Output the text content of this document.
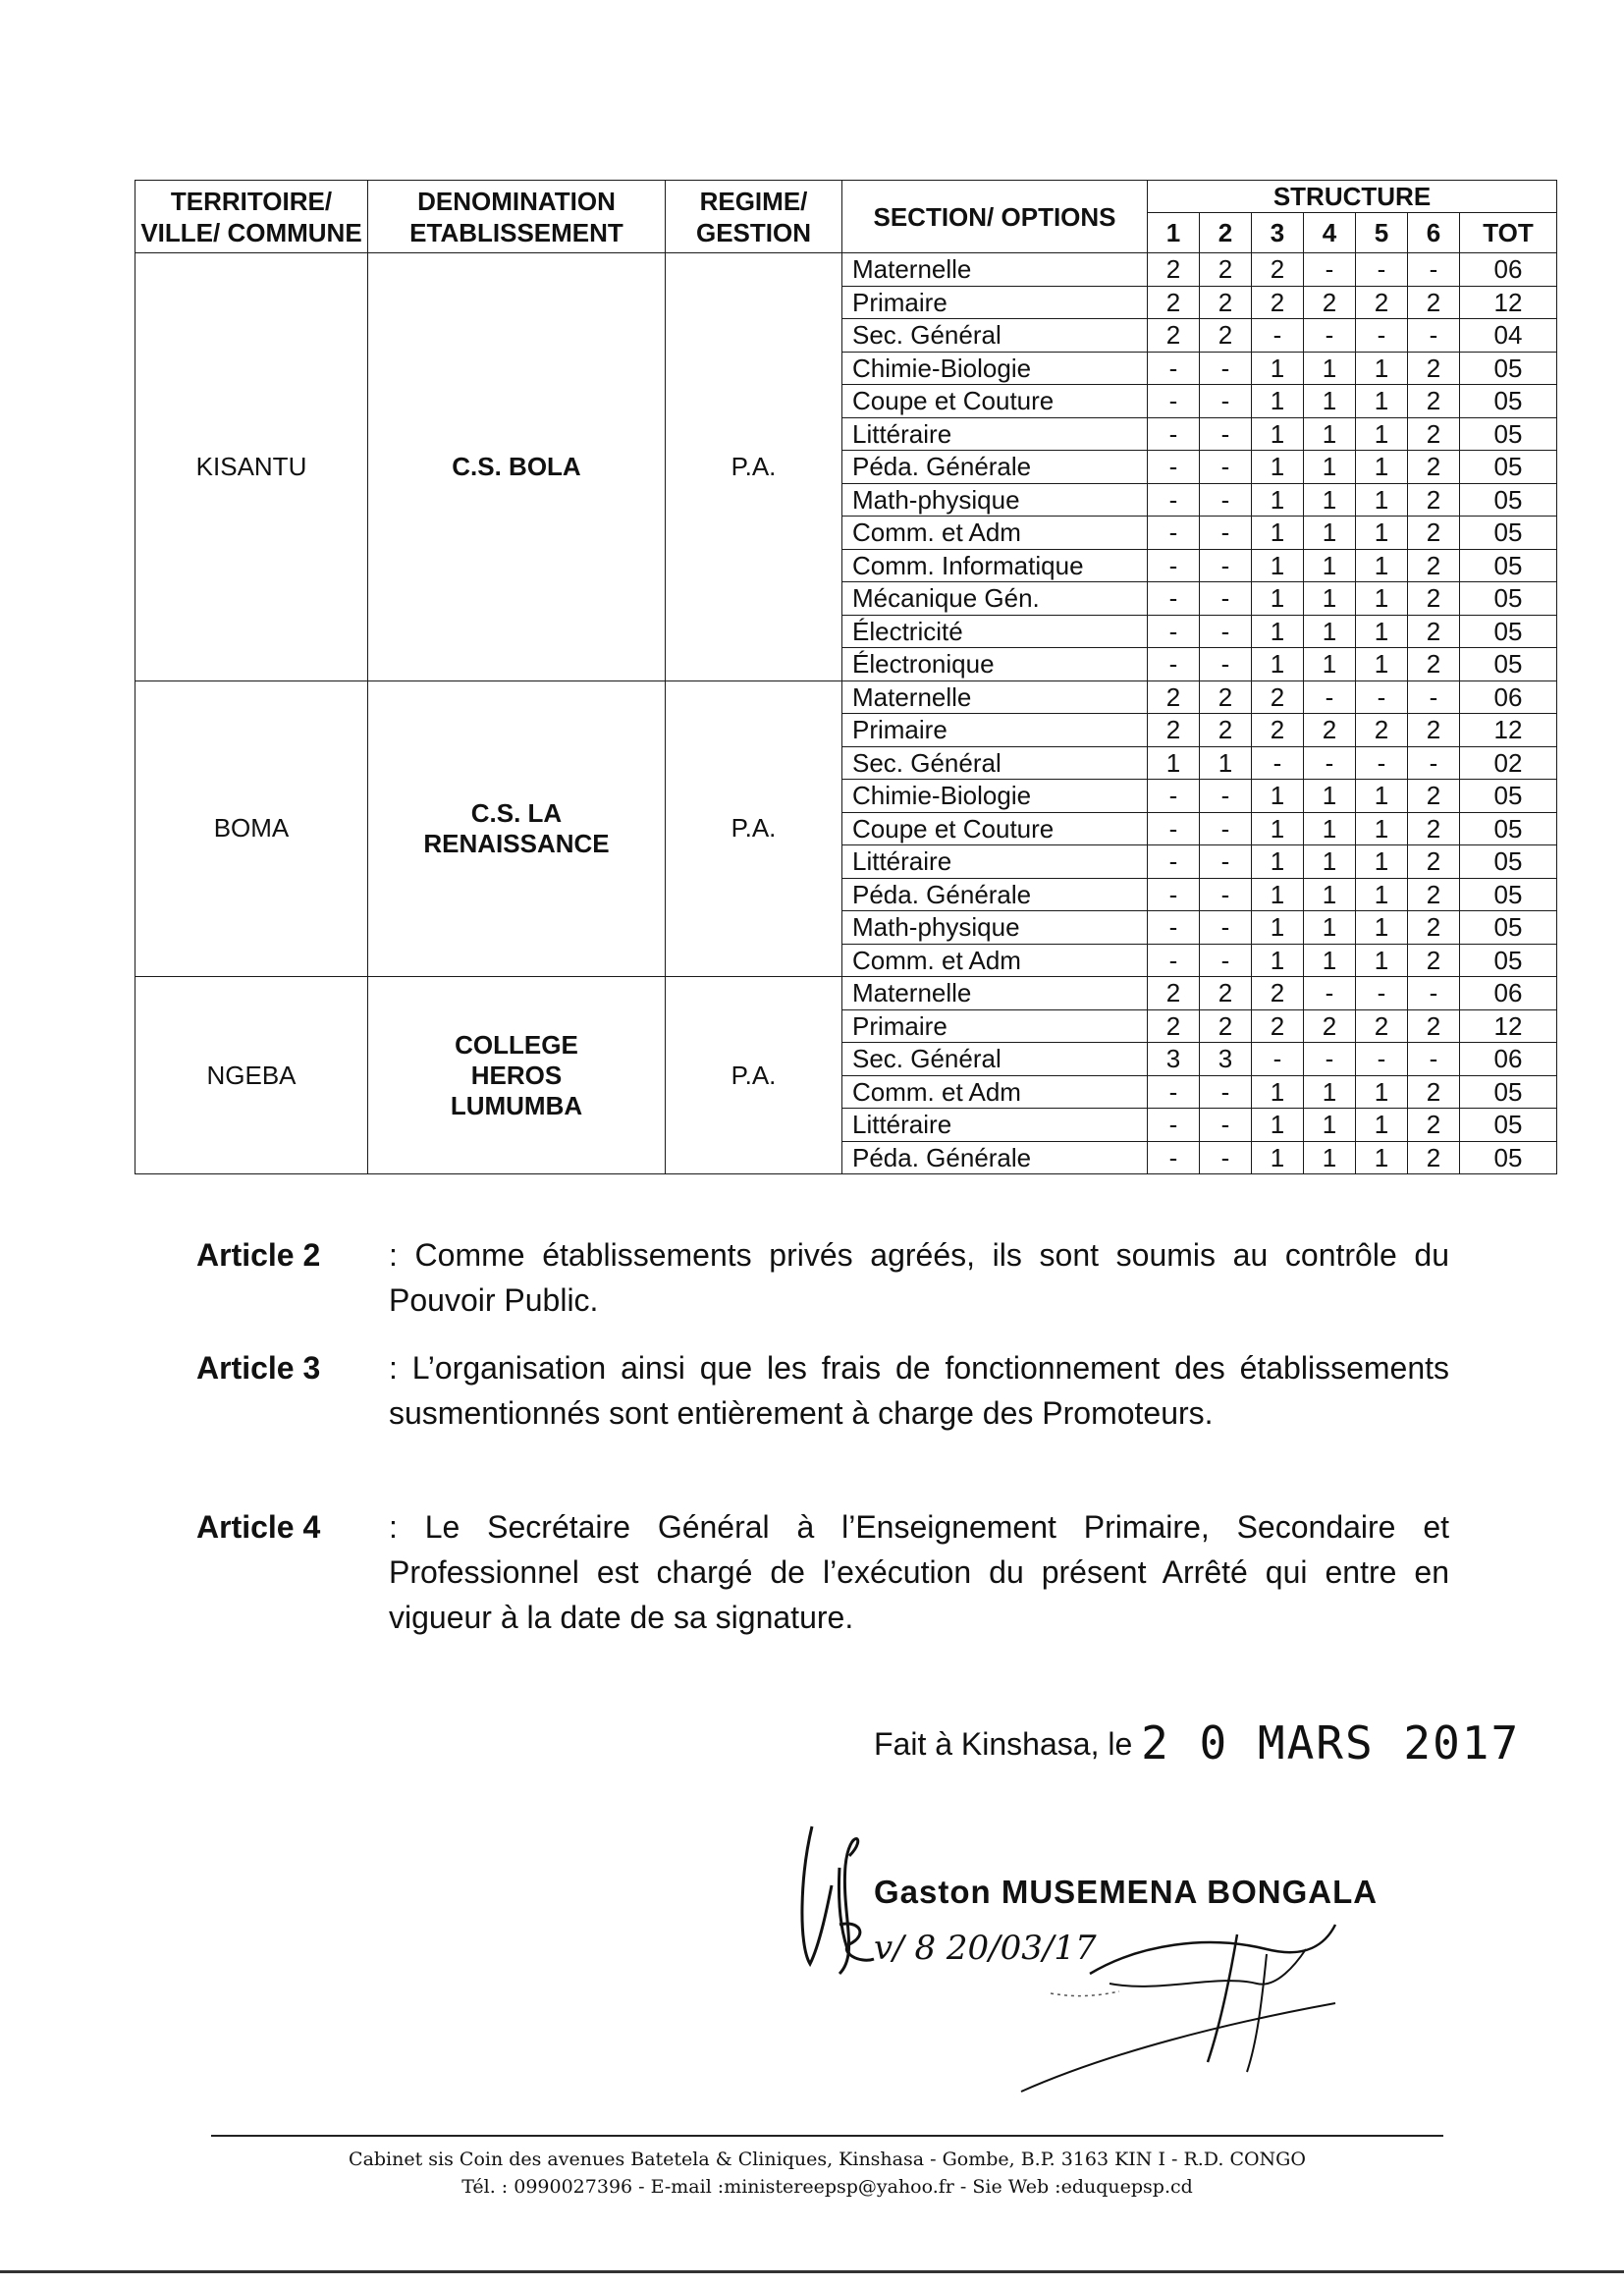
TERRITOIRE/ VILLE/ COMMUNE	DENOMINATION ETABLISSEMENT	REGIME/ GESTION	SECTION/ OPTIONS	STRUCTURE						
				1	2	3	4	5	6	TOT
KISANTU	C.S. BOLA	P.A.	Maternelle	2	2	2	-	-	-	06
			Primaire	2	2	2	2	2	2	12
			Sec. Général	2	2	-	-	-	-	04
			Chimie-Biologie	-	-	1	1	1	2	05
			Coupe et Couture	-	-	1	1	1	2	05
			Littéraire	-	-	1	1	1	2	05
			Péda. Générale	-	-	1	1	1	2	05
			Math-physique	-	-	1	1	1	2	05
			Comm. et Adm	-	-	1	1	1	2	05
			Comm. Informatique	-	-	1	1	1	2	05
			Mécanique Gén.	-	-	1	1	1	2	05
			Électricité	-	-	1	1	1	2	05
			Électronique	-	-	1	1	1	2	05
BOMA	C.S. LA RENAISSANCE	P.A.	Maternelle	2	2	2	-	-	-	06
			Primaire	2	2	2	2	2	2	12
			Sec. Général	1	1	-	-	-	-	02
			Chimie-Biologie	-	-	1	1	1	2	05
			Coupe et Couture	-	-	1	1	1	2	05
			Littéraire	-	-	1	1	1	2	05
			Péda. Générale	-	-	1	1	1	2	05
			Math-physique	-	-	1	1	1	2	05
			Comm. et Adm	-	-	1	1	1	2	05
NGEBA	COLLEGE HEROS LUMUMBA	P.A.	Maternelle	2	2	2	-	-	-	06
			Primaire	2	2	2	2	2	2	12
			Sec. Général	3	3	-	-	-	-	06
			Comm. et Adm	-	-	1	1	1	2	05
			Littéraire	-	-	1	1	1	2	05
			Péda. Générale	-	-	1	1	1	2	05
Article 2 : Comme établissements privés agréés, ils sont soumis au contrôle du Pouvoir Public.
Article 3 : L’organisation ainsi que les frais de fonctionnement des établissements susmentionnés sont entièrement à charge des Promoteurs.
Article 4 : Le Secrétaire Général à l’Enseignement Primaire, Secondaire et Professionnel est chargé de l’exécution du présent Arrêté qui entre en vigueur à la date de sa signature.
Fait à Kinshasa, le 2 0 MARS 2017
v/ 8 20/03/17
Gaston MUSEMENA BONGALA
Cabinet sis Coin des avenues Batetela & Cliniques, Kinshasa - Gombe, B.P. 3163 KIN I - R.D. CONGO
Tél. : 0990027396 - E-mail :ministereepsp@yahoo.fr - Sie Web :eduquepsp.cd
